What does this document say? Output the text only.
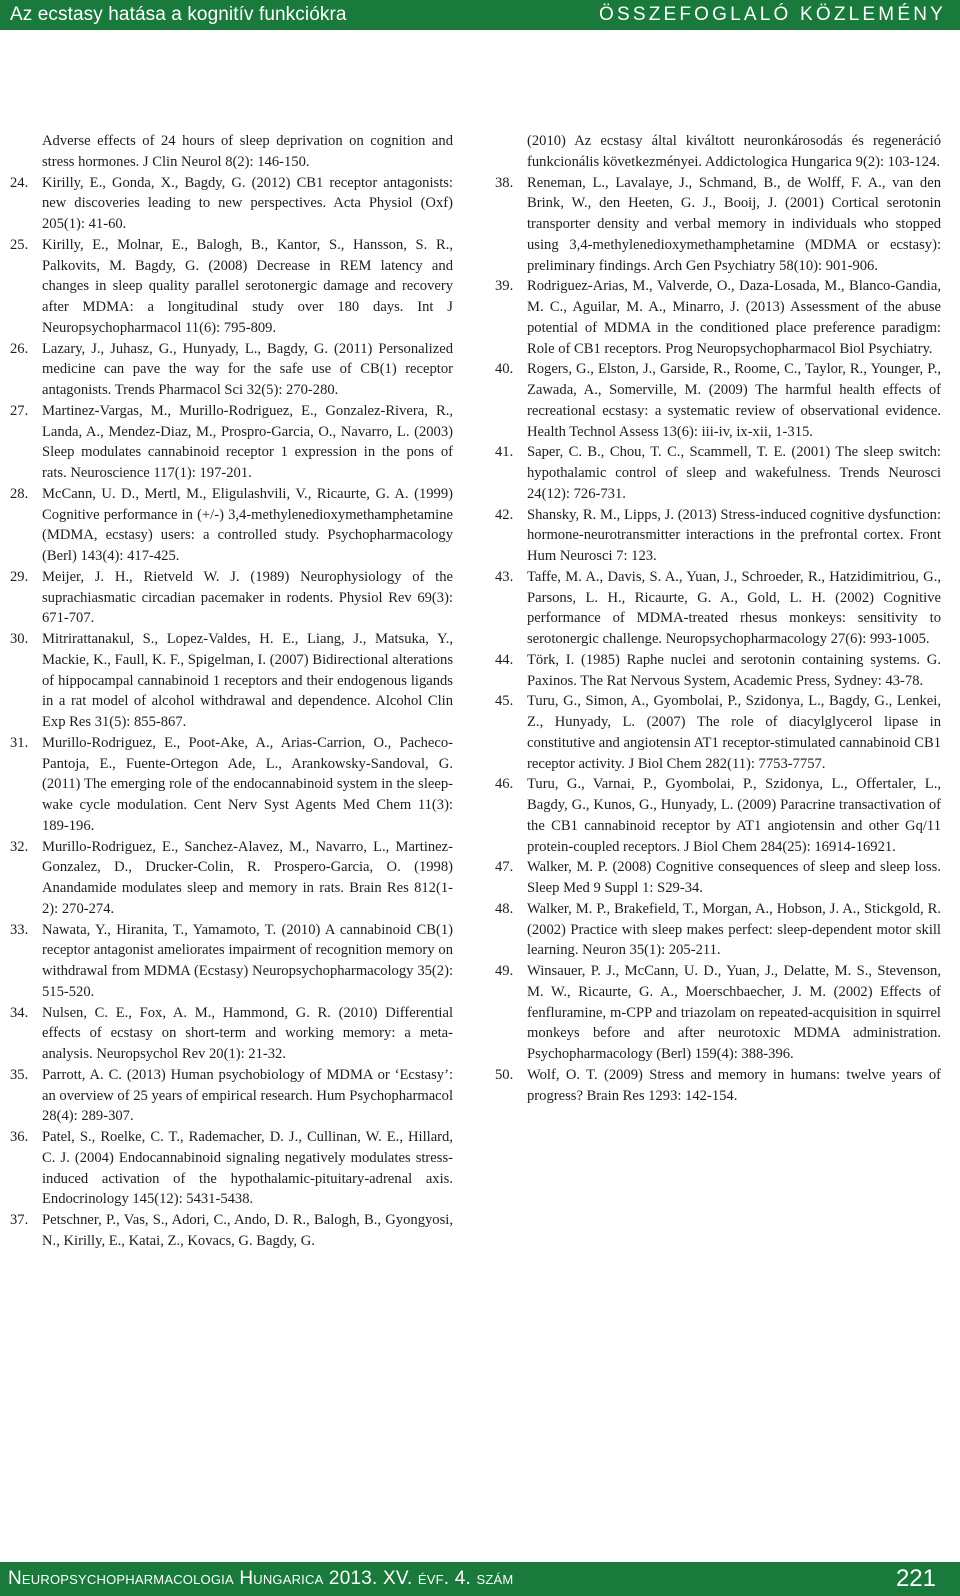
Az ecstasy hatása a kognitív funkciókra	ÖSSZEFOGLALÓ KÖZLEMÉNY
Adverse effects of 24 hours of sleep deprivation on cognition and stress hormones. J Clin Neurol 8(2): 146-150.
24. Kirilly, E., Gonda, X., Bagdy, G. (2012) CB1 receptor antagonists: new discoveries leading to new perspectives. Acta Physiol (Oxf) 205(1): 41-60.
25. Kirilly, E., Molnar, E., Balogh, B., Kantor, S., Hansson, S. R., Palkovits, M. Bagdy, G. (2008) Decrease in REM latency and changes in sleep quality parallel serotonergic damage and recovery after MDMA: a longitudinal study over 180 days. Int J Neuropsychopharmacol 11(6): 795-809.
26. Lazary, J., Juhasz, G., Hunyady, L., Bagdy, G. (2011) Personalized medicine can pave the way for the safe use of CB(1) receptor antagonists. Trends Pharmacol Sci 32(5): 270-280.
27. Martinez-Vargas, M., Murillo-Rodriguez, E., Gonzalez-Rivera, R., Landa, A., Mendez-Diaz, M., Prospro-Garcia, O., Navarro, L. (2003) Sleep modulates cannabinoid receptor 1 expression in the pons of rats. Neuroscience 117(1): 197-201.
28. McCann, U. D., Mertl, M., Eligulashvili, V., Ricaurte, G. A. (1999) Cognitive performance in (+/-) 3,4-methylenedioxymethamphetamine (MDMA, ecstasy) users: a controlled study. Psychopharmacology (Berl) 143(4): 417-425.
29. Meijer, J. H., Rietveld W. J. (1989) Neurophysiology of the suprachiasmatic circadian pacemaker in rodents. Physiol Rev 69(3): 671-707.
30. Mitrirattanakul, S., Lopez-Valdes, H. E., Liang, J., Matsuka, Y., Mackie, K., Faull, K. F., Spigelman, I. (2007) Bidirectional alterations of hippocampal cannabinoid 1 receptors and their endogenous ligands in a rat model of alcohol withdrawal and dependence. Alcohol Clin Exp Res 31(5): 855-867.
31. Murillo-Rodriguez, E., Poot-Ake, A., Arias-Carrion, O., Pacheco-Pantoja, E., Fuente-Ortegon Ade, L., Arankowsky-Sandoval, G. (2011) The emerging role of the endocannabinoid system in the sleep-wake cycle modulation. Cent Nerv Syst Agents Med Chem 11(3): 189-196.
32. Murillo-Rodriguez, E., Sanchez-Alavez, M., Navarro, L., Martinez-Gonzalez, D., Drucker-Colin, R. Prospero-Garcia, O. (1998) Anandamide modulates sleep and memory in rats. Brain Res 812(1-2): 270-274.
33. Nawata, Y., Hiranita, T., Yamamoto, T. (2010) A cannabinoid CB(1) receptor antagonist ameliorates impairment of recognition memory on withdrawal from MDMA (Ecstasy) Neuropsychopharmacology 35(2): 515-520.
34. Nulsen, C. E., Fox, A. M., Hammond, G. R. (2010) Differential effects of ecstasy on short-term and working memory: a meta-analysis. Neuropsychol Rev 20(1): 21-32.
35. Parrott, A. C. (2013) Human psychobiology of MDMA or ‘Ecstasy’: an overview of 25 years of empirical research. Hum Psychopharmacol 28(4): 289-307.
36. Patel, S., Roelke, C. T., Rademacher, D. J., Cullinan, W. E., Hillard, C. J. (2004) Endocannabinoid signaling negatively modulates stress-induced activation of the hypothalamic-pituitary-adrenal axis. Endocrinology 145(12): 5431-5438.
37. Petschner, P., Vas, S., Adori, C., Ando, D. R., Balogh, B., Gyongyosi, N., Kirilly, E., Katai, Z., Kovacs, G. Bagdy, G.
(2010) Az ecstasy által kiváltott neuronkárosodás és regeneráció funkcionális következményei. Addictologica Hungarica 9(2): 103-124.
38. Reneman, L., Lavalaye, J., Schmand, B., de Wolff, F. A., van den Brink, W., den Heeten, G. J., Booij, J. (2001) Cortical serotonin transporter density and verbal memory in individuals who stopped using 3,4-methylenedioxymethamphetamine (MDMA or ecstasy): preliminary findings. Arch Gen Psychiatry 58(10): 901-906.
39. Rodriguez-Arias, M., Valverde, O., Daza-Losada, M., Blanco-Gandia, M. C., Aguilar, M. A., Minarro, J. (2013) Assessment of the abuse potential of MDMA in the conditioned place preference paradigm: Role of CB1 receptors. Prog Neuropsychopharmacol Biol Psychiatry.
40. Rogers, G., Elston, J., Garside, R., Roome, C., Taylor, R., Younger, P., Zawada, A., Somerville, M. (2009) The harmful health effects of recreational ecstasy: a systematic review of observational evidence. Health Technol Assess 13(6): iii-iv, ix-xii, 1-315.
41. Saper, C. B., Chou, T. C., Scammell, T. E. (2001) The sleep switch: hypothalamic control of sleep and wakefulness. Trends Neurosci 24(12): 726-731.
42. Shansky, R. M., Lipps, J. (2013) Stress-induced cognitive dysfunction: hormone-neurotransmitter interactions in the prefrontal cortex. Front Hum Neurosci 7: 123.
43. Taffe, M. A., Davis, S. A., Yuan, J., Schroeder, R., Hatzidimitriou, G., Parsons, L. H., Ricaurte, G. A., Gold, L. H. (2002) Cognitive performance of MDMA-treated rhesus monkeys: sensitivity to serotonergic challenge. Neuropsychopharmacology 27(6): 993-1005.
44. Törk, I. (1985) Raphe nuclei and serotonin containing systems. G. Paxinos. The Rat Nervous System, Academic Press, Sydney: 43-78.
45. Turu, G., Simon, A., Gyombolai, P., Szidonya, L., Bagdy, G., Lenkei, Z., Hunyady, L. (2007) The role of diacylglycerol lipase in constitutive and angiotensin AT1 receptor-stimulated cannabinoid CB1 receptor activity. J Biol Chem 282(11): 7753-7757.
46. Turu, G., Varnai, P., Gyombolai, P., Szidonya, L., Offertaler, L., Bagdy, G., Kunos, G., Hunyady, L. (2009) Paracrine transactivation of the CB1 cannabinoid receptor by AT1 angiotensin and other Gq/11 protein-coupled receptors. J Biol Chem 284(25): 16914-16921.
47. Walker, M. P. (2008) Cognitive consequences of sleep and sleep loss. Sleep Med 9 Suppl 1: S29-34.
48. Walker, M. P., Brakefield, T., Morgan, A., Hobson, J. A., Stickgold, R. (2002) Practice with sleep makes perfect: sleep-dependent motor skill learning. Neuron 35(1): 205-211.
49. Winsauer, P. J., McCann, U. D., Yuan, J., Delatte, M. S., Stevenson, M. W., Ricaurte, G. A., Moerschbaecher, J. M. (2002) Effects of fenfluramine, m-CPP and triazolam on repeated-acquisition in squirrel monkeys before and after neurotoxic MDMA administration. Psychopharmacology (Berl) 159(4): 388-396.
50. Wolf, O. T. (2009) Stress and memory in humans: twelve years of progress? Brain Res 1293: 142-154.
Neuropsychopharmacologia Hungarica 2013. XV. évf. 4. szám	221
